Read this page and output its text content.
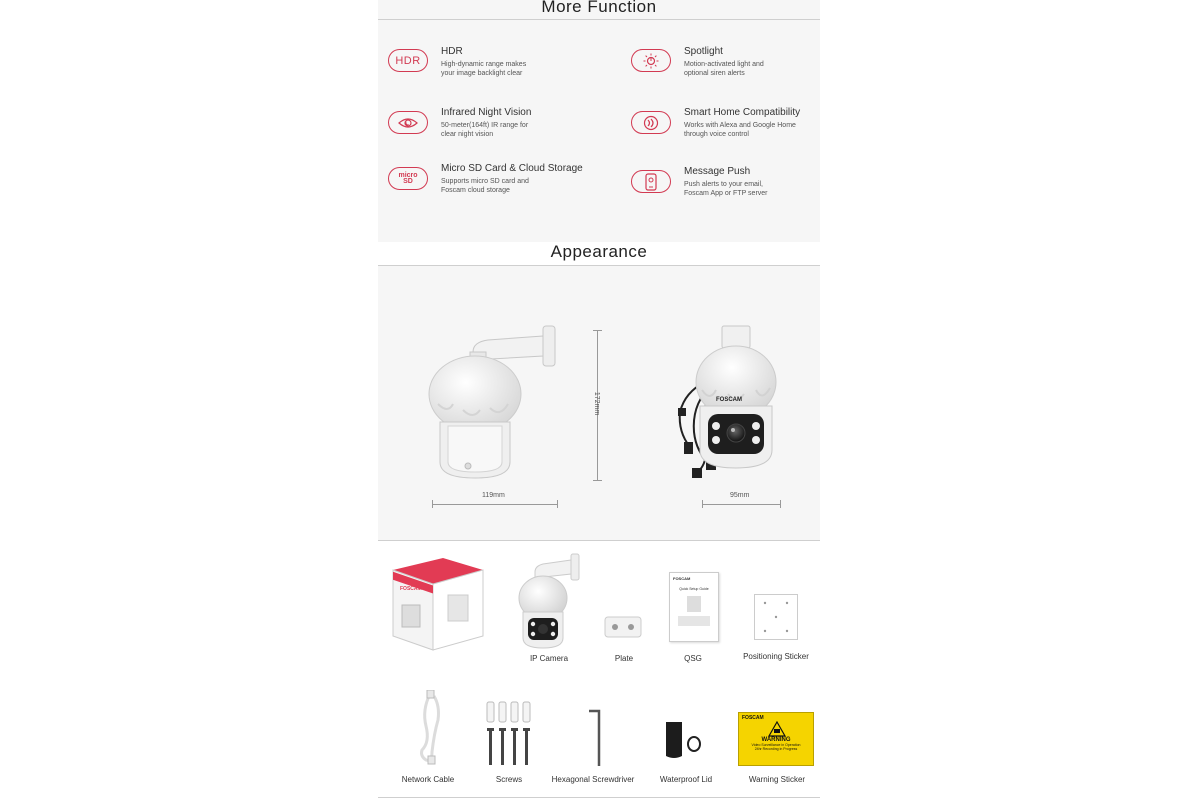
More Function
HDR
HDR
High-dynamic range makes your image backlight clear
Spotlight
Motion-activated light and optional siren alerts
Infrared Night Vision
50-meter(164ft) IR range for clear night vision
Smart Home Compatibility
Works with Alexa and Google Home through voice control
micro
SD
Micro SD Card & Cloud Storage
Supports micro SD card and Foscam cloud storage
Message Push
Push alerts to your email, Foscam App or FTP server
Appearance
172mm
119mm
FOSCAM
95mm
FOSCAM
IP Camera	Plate
FOSCAM
Quick Setup Guide
QSG	Positioning Sticker
Network Cable	Screws	Hexagonal Screwdriver	Waterproof Lid
FOSCAM
WARNING
Video Surveillance in Operation
24hr Recording in Progress
Warning Sticker
